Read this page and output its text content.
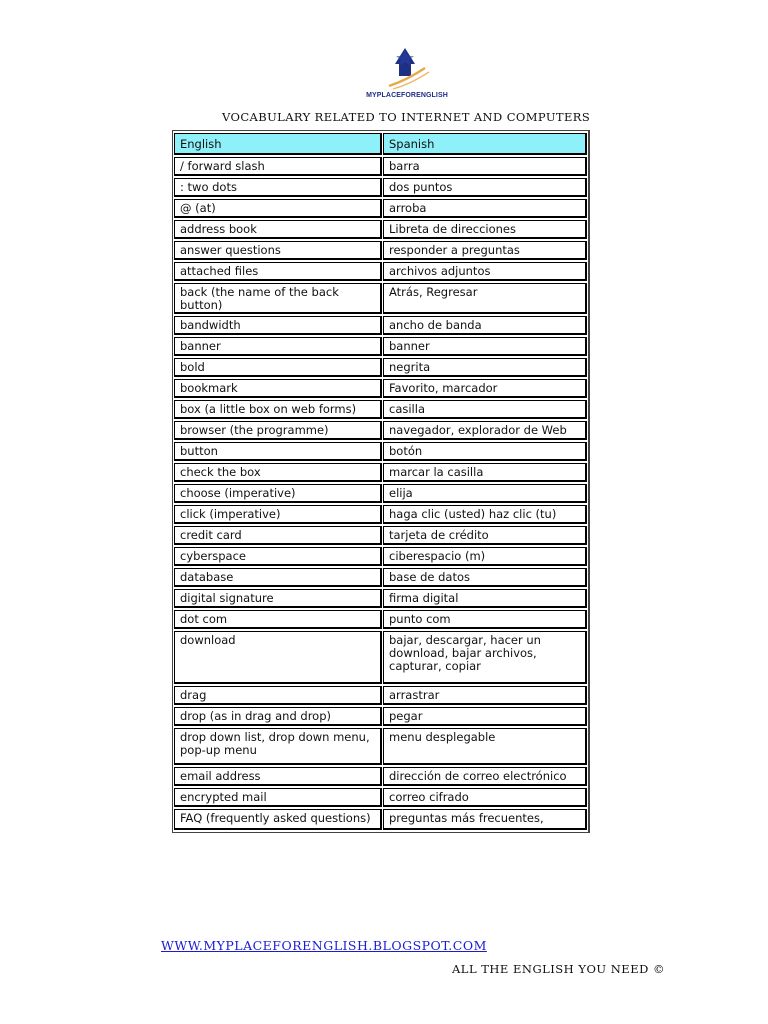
MYPLACEFORENGLISH
VOCABULARY RELATED TO INTERNET AND COMPUTERS
English	Spanish
/ forward slash	barra
: two dots	dos puntos
@ (at)	arroba
address book	Libreta de direcciones
answer questions	responder a preguntas
attached files	archivos adjuntos
back (the name of the back button)	Atrás, Regresar
bandwidth	ancho de banda
banner	banner
bold	negrita
bookmark	Favorito, marcador
box (a little box on web forms)	casilla
browser (the programme)	navegador, explorador de Web
button	botón
check the box	marcar la casilla
choose (imperative)	elija
click (imperative)	haga clic (usted) haz clic (tu)
credit card	tarjeta de crédito
cyberspace	ciberespacio (m)
database	base de datos
digital signature	firma digital
dot com	punto com
download	bajar, descargar, hacer un download, bajar archivos, capturar, copiar
drag	arrastrar
drop (as in drag and drop)	pegar
drop down list, drop down menu, pop-up menu	menu desplegable
email address	dirección de correo electrónico
encrypted mail	correo cifrado
FAQ (frequently asked questions)	preguntas más frecuentes,
WWW.MYPLACEFORENGLISH.BLOGSPOT.COM
ALL THE ENGLISH YOU NEED ©
